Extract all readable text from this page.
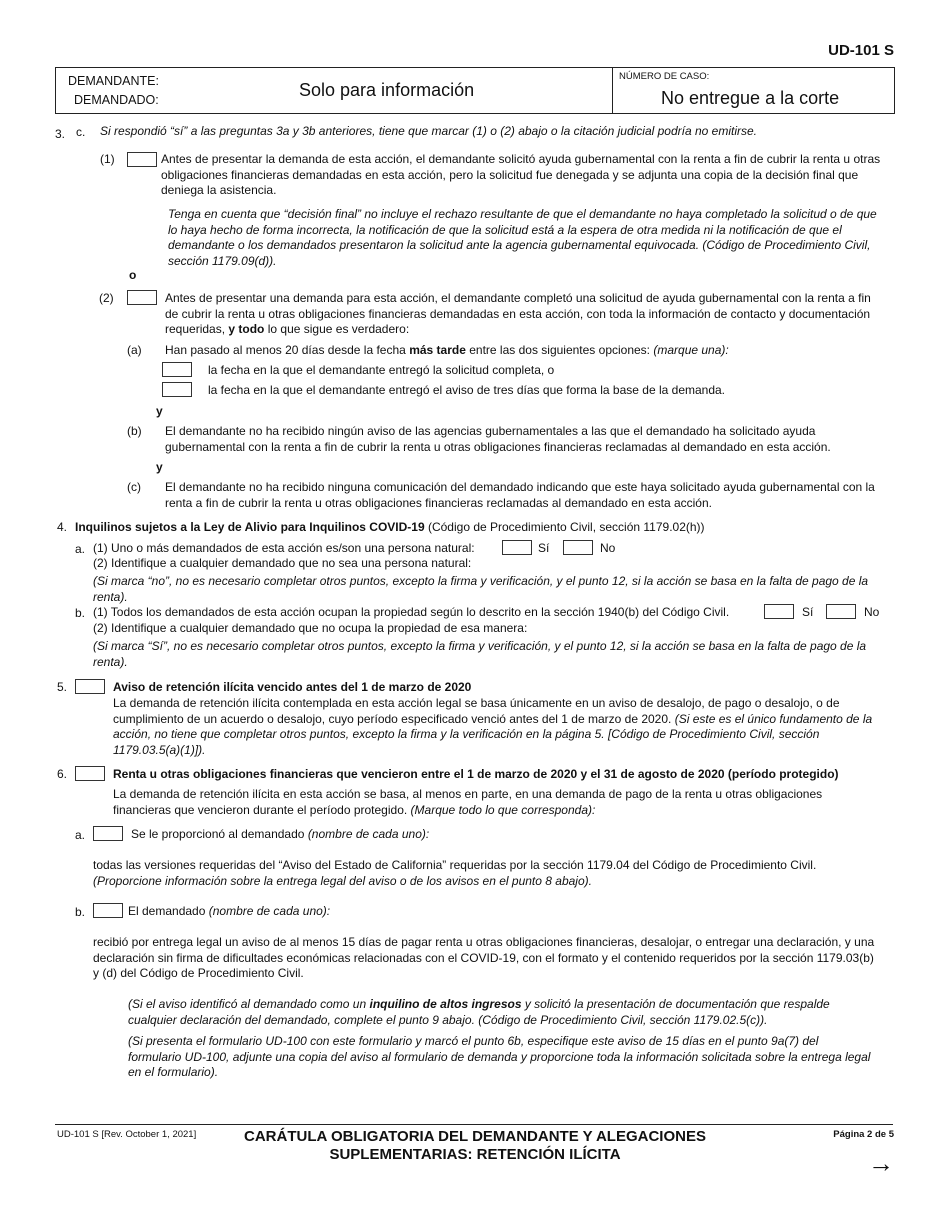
UD-101 S
DEMANDANTE:
DEMANDADO:	Solo para información
NÚMERO DE CASO:
No entregue a la corte
3. c. Si respondió “sí” a las preguntas 3a y 3b anteriores, tiene que marcar (1) o (2) abajo o la citación judicial podría no emitirse.
(1)	Antes de presentar la demanda de esta acción, el demandante solicitó ayuda gubernamental con la renta a fin de cubrir la renta u otras obligaciones financieras demandadas en esta acción, pero la solicitud fue denegada y se adjunta una copia de la decisión final que deniega la asistencia.
Tenga en cuenta que “decisión final” no incluye el rechazo resultante de que el demandante no haya completado la solicitud o de que lo haya hecho de forma incorrecta, la notificación de que la solicitud está a la espera de otra medida ni la notificación de que el demandante o los demandados presentaron la solicitud ante la agencia gubernamental equivocada. (Código de Procedimiento Civil, sección 1179.09(d)).
o
(2)	Antes de presentar una demanda para esta acción, el demandante completó una solicitud de ayuda gubernamental con la renta a fin de cubrir la renta u otras obligaciones financieras demandadas en esta acción, con toda la información de contacto y documentación requeridas, y todo lo que sigue es verdadero:
(a) Han pasado al menos 20 días desde la fecha más tarde entre las dos siguientes opciones: (marque una):
la fecha en la que el demandante entregó la solicitud completa, o
la fecha en la que el demandante entregó el aviso de tres días que forma la base de la demanda.
y
(b) El demandante no ha recibido ningún aviso de las agencias gubernamentales a las que el demandado ha solicitado ayuda gubernamental con la renta a fin de cubrir la renta u otras obligaciones financieras reclamadas al demandado en esta acción.
y
(c) El demandante no ha recibido ninguna comunicación del demandado indicando que este haya solicitado ayuda gubernamental con la renta a fin de cubrir la renta u otras obligaciones financieras reclamadas al demandado en esta acción.
4. Inquilinos sujetos a la Ley de Alivio para Inquilinos COVID-19 (Código de Procedimiento Civil, sección 1179.02(h))
a. (1) Uno o más demandados de esta acción es/son una persona natural:	Sí	No
(2) Identifique a cualquier demandado que no sea una persona natural:
(Si marca “no”, no es necesario completar otros puntos, excepto la firma y verificación, y el punto 12, si la acción se basa en la falta de pago de la renta).
b. (1) Todos los demandados de esta acción ocupan la propiedad según lo descrito en la sección 1940(b) del Código Civil.	Sí	No
(2) Identifique a cualquier demandado que no ocupa la propiedad de esa manera:
(Si marca “Sí”, no es necesario completar otros puntos, excepto la firma y verificación, y el punto 12, si la acción se basa en la falta de pago de la renta).
5.	Aviso de retención ilícita vencido antes del 1 de marzo de 2020
La demanda de retención ilícita contemplada en esta acción legal se basa únicamente en un aviso de desalojo, de pago o desalojo, o de cumplimiento de un acuerdo o desalojo, cuyo período especificado venció antes del 1 de marzo de 2020. (Si este es el único fundamento de la acción, no tiene que completar otros puntos, excepto la firma y la verificación en la página 5. [Código de Procedimiento Civil, sección 1179.03.5(a)(1)]).
6.	Renta u otras obligaciones financieras que vencieron entre el 1 de marzo de 2020 y el 31 de agosto de 2020 (período protegido)
La demanda de retención ilícita en esta acción se basa, al menos en parte, en una demanda de pago de la renta u otras obligaciones financieras que vencieron durante el período protegido. (Marque todo lo que corresponda):
a.	Se le proporcionó al demandado (nombre de cada uno):
todas las versiones requeridas del “Aviso del Estado de California” requeridas por la sección 1179.04 del Código de Procedimiento Civil. (Proporcione información sobre la entrega legal del aviso o de los avisos en el punto 8 abajo).
b.	El demandado (nombre de cada uno):
recibió por entrega legal un aviso de al menos 15 días de pagar renta u otras obligaciones financieras, desalojar, o entregar una declaración, y una declaración sin firma de dificultades económicas relacionadas con el COVID-19, con el formato y el contenido requeridos por la sección 1179.03(b) y (d) del Código de Procedimiento Civil.
(Si el aviso identificó al demandado como un inquilino de altos ingresos y solicitó la presentación de documentación que respalde cualquier declaración del demandado, complete el punto 9 abajo. (Código de Procedimiento Civil, sección 1179.02.5(c)).
(Si presenta el formulario UD-100 con este formulario y marcó el punto 6b, especifique este aviso de 15 días en el punto 9a(7) del formulario UD-100, adjunte una copia del aviso al formulario de demanda y proporcione toda la información solicitada sobre la entrega legal en el formulario).
UD-101 S [Rev. October 1, 2021]	CARÁTULA OBLIGATORIA DEL DEMANDANTE Y ALEGACIONES
SUPLEMENTARIAS: RETENCIÓN ILÍCITA
Página 2 de 5
→
